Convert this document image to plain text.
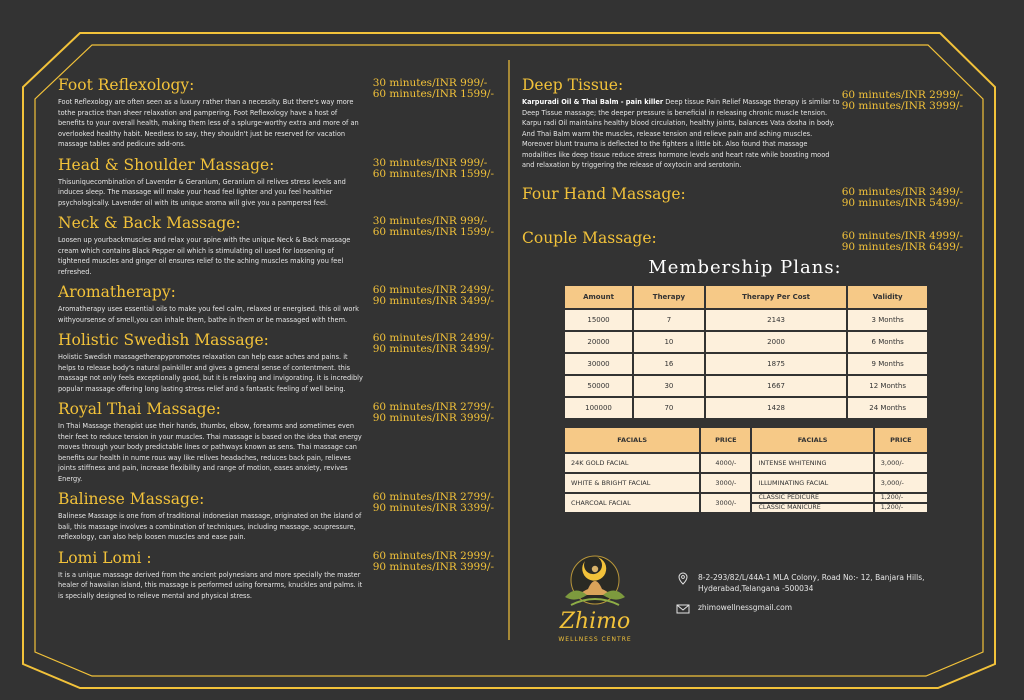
Foot Reflexology:	30 minutes/INR 999/-
60 minutes/INR 1599/-

Foot Reflexology are often seen as a luxury rather than a necessity. But there's way more tothe practice than sheer relaxation and pampering. Foot Reflexology have a host of benefits to your overall health, making them less of a splurge-worthy extra and more of an overlooked healthy habit. Needless to say, they shouldn't just be reserved for vacation massage tables and pedicure add-ons.

Head & Shoulder Massage:	30 minutes/INR 999/-
60 minutes/INR 1599/-

Thisuniquecombination of Lavender & Geranium, Geranium oil relives stress levels and induces sleep. The massage will make your head feel lighter and you feel healthier psychologically. Lavender oil with its unique aroma will give you a pampered feel.

Neck & Back Massage:	30 minutes/INR 999/-
60 minutes/INR 1599/-

Loosen up yourbackmuscles and relax your spine with the unique Neck & Back massage cream which contains Black Pepper oil which is stimulating oil used for loosening of tightened muscles and ginger oil ensures relief to the aching muscles making you feel refreshed.

Aromatherapy:	60 minutes/INR 2499/-
90 minutes/INR 3499/-

Aromatherapy uses essential oils to make you feel calm, relaxed or energised. this oil work withyoursense of smell,you can inhale them, bathe in them or be massaged with them.

Holistic Swedish Massage:	60 minutes/INR 2499/-
90 minutes/INR 3499/-

Holistic Swedish massagetherapypromotes relaxation can help ease aches and pains. it helps to release body's natural painkiller and gives a general sense of contentment. this massage not only feels exceptionally good, but it is relaxing and invigorating. it is incredibly popular massage offering long lasting stress relief and a fantastic feeling of well being.

Royal Thai Massage:	60 minutes/INR 2799/-
90 minutes/INR 3999/-

In Thai Massage therapist use their hands, thumbs, elbow, forearms and sometimes even their feet to reduce tension in your muscles. Thai massage is based on the idea that energy moves through your body predictable lines or pathways known as sens. Thai massage can benefits our health in nume rous way like relives headaches, reduces back pain, relieves joints stiffness and pain, increase flexibility and range of motion, eases anxiety, revives Energy.

Balinese Massage:	60 minutes/INR 2799/-
90 minutes/INR 3399/-

Balinese Massage is one from of traditional indonesian massage, originated on the island of bali, this massage involves a combination of techniques, including massage, acupressure, reflexology, can also help loosen muscles and ease pain.

Lomi Lomi :	60 minutes/INR 2999/-
90 minutes/INR 3999/-

It is a unique massage derived from the ancient polynesians and more specially the master healer of hawaiian island, this massage is performed using forearms, knuckles and palms. it is specially designed to relieve mental and physical stress.

Deep Tissue:
60 minutes/INR 2999/-
90 minutes/INR 3999/-

Karpuradi Oil & Thai Balm - pain killer Deep tissue Pain Relief Massage therapy is similar to Deep Tissue massage; the deeper pressure is beneficial in releasing chronic muscle tension. Karpu radi Oil maintains healthy blood circulation, healthy joints, balances Vata dosha in body. And Thai Balm warm the muscles, release tension and relieve pain and aching muscles. Moreover blunt trauma is deflected to the fighters a little bit. Also found that massage modalities like deep tissue reduce stress hormone levels and heart rate while boosting mood and relaxation by triggering the release of oxytocin and serotonin.

Four Hand Massage:	60 minutes/INR 3499/-
90 minutes/INR 5499/-
Couple Massage:	60 minutes/INR 4999/-
90 minutes/INR 6499/-
Membership Plans:
Amount	Therapy	Therapy Per Cost	Validity
15000	7	2143	3 Months
20000	10	2000	6 Months
30000	16	1875	9 Months
50000	30	1667	12 Months
100000	70	1428	24 Months
FACIALS	PRICE	FACIALS	PRICE
24K GOLD FACIAL	4000/-	INTENSE WHITENING	3,000/-
WHITE & BRIGHT FACIAL	3000/-	ILLUMINATING FACIAL	3,000/-
CHARCOAL FACIAL	3000/-	CLASSIC PEDICURE	1,200/-
		CLASSIC MANICURE	1,200/-
Zhimo
WELLNESS CENTRE
8-2-293/82/L/44A-1 MLA Colony, Road No:- 12, Banjara Hills,
Hyderabad,Telangana -500034
zhimowellnessgmail.com
